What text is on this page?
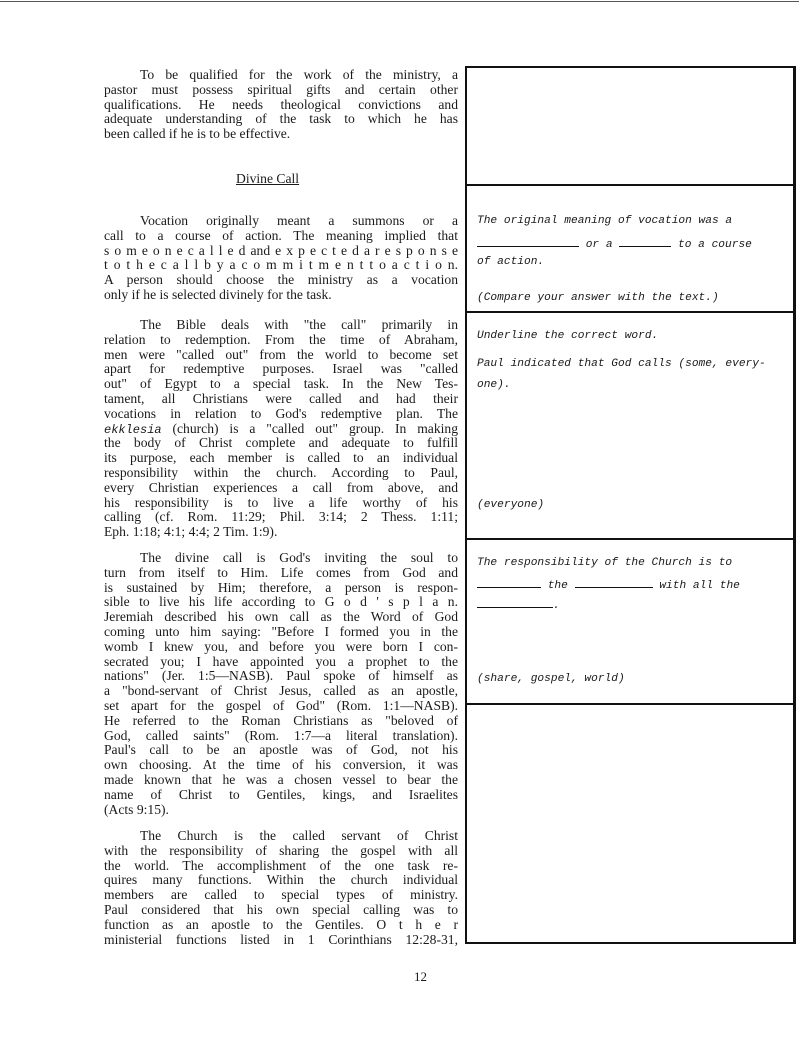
To be qualified for the work of the ministry, a
pastor must possess spiritual gifts and certain other
qualifications. He needs theological convictions and
adequate understanding of the task to which he has
been called if he is to be effective.
Divine Call
Vocation originally meant a summons or a
call to a course of action. The meaning implied that
s o m e o n e c a l l e d and e x p e c t e d a r e s p o n s e
t o t h e c a l l b y a c o m m i t m e n t t o a c t i o n.
A person should choose the ministry as a vocation
only if he is selected divinely for the task.
The Bible deals with "the call" primarily in
relation to redemption. From the time of Abraham,
men were "called out" from the world to become set
apart for redemptive purposes. Israel was "called
out" of Egypt to a special task. In the New Tes-
tament, all Christians were called and had their
vocations in relation to God's redemptive plan. The
ekklesia (church) is a "called out" group. In making
the body of Christ complete and adequate to fulfill
its purpose, each member is called to an individual
responsibility within the church. According to Paul,
every Christian experiences a call from above, and
his responsibility is to live a life worthy of his
calling (cf. Rom. 11:29; Phil. 3:14; 2 Thess. 1:11;
Eph. 1:18; 4:1; 4:4; 2 Tim. 1:9).
The divine call is God's inviting the soul to
turn from itself to Him. Life comes from God and
is sustained by Him; therefore, a person is respon-
sible to live his life according to G o d ' s p l a n.
Jeremiah described his own call as the Word of God
coming unto him saying: "Before I formed you in the
womb I knew you, and before you were born I con-
secrated you; I have appointed you a prophet to the
nations" (Jer. 1:5—NASB). Paul spoke of himself as
a "bond-servant of Christ Jesus, called as an apostle,
set apart for the gospel of God" (Rom. 1:1—NASB).
He referred to the Roman Christians as "beloved of
God, called saints" (Rom. 1:7—a literal translation).
Paul's call to be an apostle was of God, not his
own choosing. At the time of his conversion, it was
made known that he was a chosen vessel to bear the
name of Christ to Gentiles, kings, and Israelites
(Acts 9:15).
The Church is the called servant of Christ
with the responsibility of sharing the gospel with all
the world. The accomplishment of the one task re-
quires many functions. Within the church individual
members are called to special types of ministry.
Paul considered that his own special calling was to
function as an apostle to the Gentiles. O t h e r
ministerial functions listed in 1 Corinthians 12:28-31,
The original meaning of vocation was a
or a	to a course
of action.
(Compare your answer with the text.)
Underline the correct word.
Paul indicated that God calls (some, every-
one).
(everyone)
The responsibility of the Church is to
the	with all the
.
(share, gospel, world)
12
